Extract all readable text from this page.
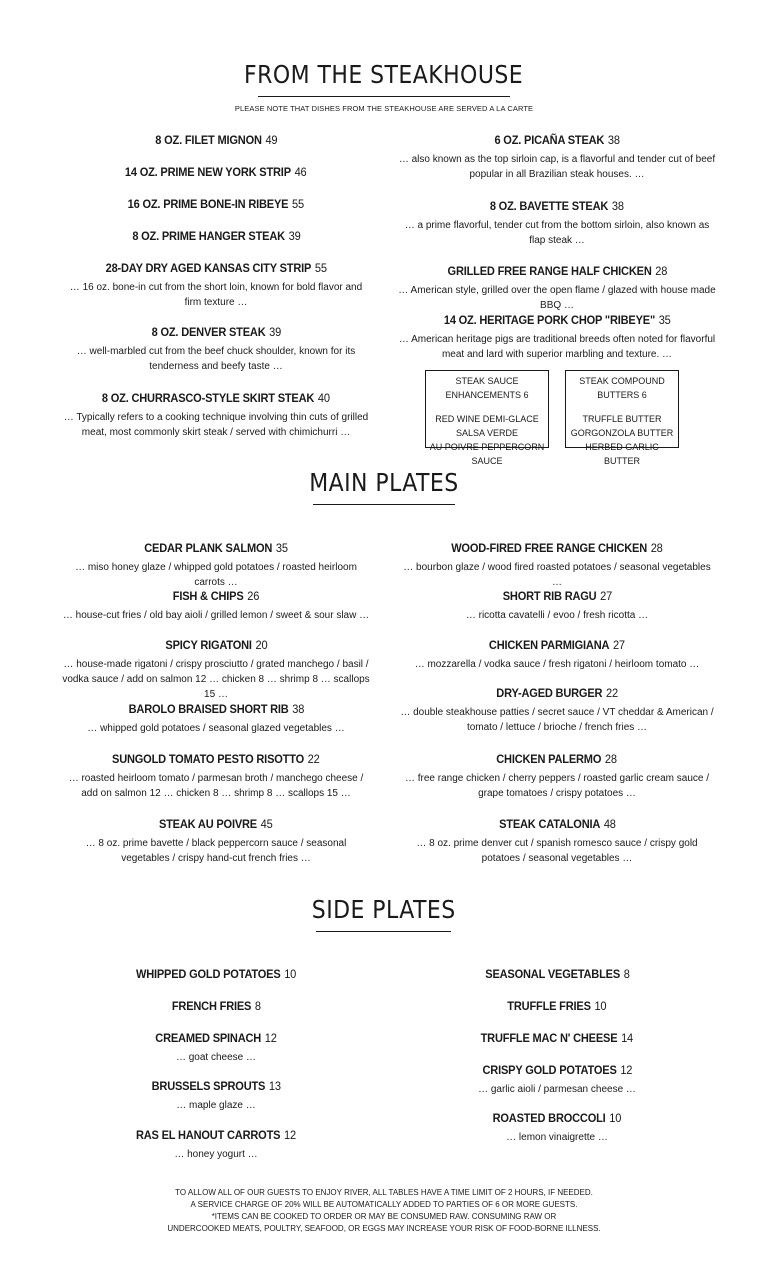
FROM THE STEAKHOUSE
PLEASE NOTE THAT DISHES FROM THE STEAKHOUSE ARE SERVED A LA CARTE
8 OZ. FILET MIGNON 49
14 OZ. PRIME NEW YORK STRIP 46
16 OZ. PRIME BONE-IN RIBEYE 55
8 OZ. PRIME HANGER STEAK 39
28-DAY DRY AGED KANSAS CITY STRIP 55
… 16 oz. bone-in cut from the short loin, known for bold flavor and firm texture …
8 OZ. DENVER STEAK 39
… well-marbled cut from the beef chuck shoulder, known for its tenderness and beefy taste …
8 OZ. CHURRASCO-STYLE SKIRT STEAK 40
… Typically refers to a cooking technique involving thin cuts of grilled meat, most commonly skirt steak / served with chimichurri …
6 OZ. PICAÑA STEAK 38
… also known as the top sirloin cap, is a flavorful and tender cut of beef popular in all Brazilian steak houses. …
8 OZ. BAVETTE STEAK 38
… a prime flavorful, tender cut from the bottom sirloin, also known as flap steak …
GRILLED FREE RANGE HALF CHICKEN 28
… American style, grilled over the open flame / glazed with house made BBQ …
14 OZ. HERITAGE PORK CHOP "RIBEYE" 35
… American heritage pigs are traditional breeds often noted for flavorful meat and lard with superior marbling and texture. …
STEAK SAUCE ENHANCEMENTS 6
RED WINE DEMI-GLACE
SALSA VERDE
AU POIVRE PEPPERCORN SAUCE
STEAK COMPOUND BUTTERS 6
TRUFFLE BUTTER
GORGONZOLA BUTTER
HERBED GARLIC BUTTER
MAIN PLATES
CEDAR PLANK SALMON 35
… miso honey glaze / whipped gold potatoes / roasted heirloom carrots …
FISH & CHIPS 26
… house-cut fries / old bay aioli / grilled lemon / sweet & sour slaw …
SPICY RIGATONI 20
… house-made rigatoni / crispy prosciutto / grated manchego / basil / vodka sauce / add on salmon 12 … chicken 8 … shrimp 8 … scallops 15 …
BAROLO BRAISED SHORT RIB 38
… whipped gold potatoes / seasonal glazed vegetables …
SUNGOLD TOMATO PESTO RISOTTO 22
… roasted heirloom tomato / parmesan broth / manchego cheese / add on salmon 12 … chicken 8 … shrimp 8 … scallops 15 …
STEAK AU POIVRE 45
… 8 oz. prime bavette / black peppercorn sauce / seasonal vegetables / crispy hand-cut french fries …
WOOD-FIRED FREE RANGE CHICKEN 28
… bourbon glaze / wood fired roasted potatoes / seasonal vegetables …
SHORT RIB RAGU 27
… ricotta cavatelli / evoo / fresh ricotta …
CHICKEN PARMIGIANA 27
… mozzarella / vodka sauce / fresh rigatoni / heirloom tomato …
DRY-AGED BURGER 22
… double steakhouse patties / secret sauce / VT cheddar & American / tomato / lettuce / brioche / french fries …
CHICKEN PALERMO 28
… free range chicken / cherry peppers / roasted garlic cream sauce / grape tomatoes / crispy potatoes …
STEAK CATALONIA 48
… 8 oz. prime denver cut / spanish romesco sauce / crispy gold potatoes / seasonal vegetables …
SIDE PLATES
WHIPPED GOLD POTATOES 10
FRENCH FRIES 8
CREAMED SPINACH 12
… goat cheese …
BRUSSELS SPROUTS 13
… maple glaze …
RAS EL HANOUT CARROTS 12
… honey yogurt …
SEASONAL VEGETABLES 8
TRUFFLE FRIES 10
TRUFFLE MAC N' CHEESE 14
CRISPY GOLD POTATOES 12
… garlic aioli / parmesan cheese …
ROASTED BROCCOLI 10
… lemon vinaigrette …
TO ALLOW ALL OF OUR GUESTS TO ENJOY RIVER, ALL TABLES HAVE A TIME LIMIT OF 2 HOURS, IF NEEDED.
A SERVICE CHARGE OF 20% WILL BE AUTOMATICALLY ADDED TO PARTIES OF 6 OR MORE GUESTS.
*ITEMS CAN BE COOKED TO ORDER OR MAY BE CONSUMED RAW. CONSUMING RAW OR
UNDERCOOKED MEATS, POULTRY, SEAFOOD, OR EGGS MAY INCREASE YOUR RISK OF FOOD-BORNE ILLNESS.
